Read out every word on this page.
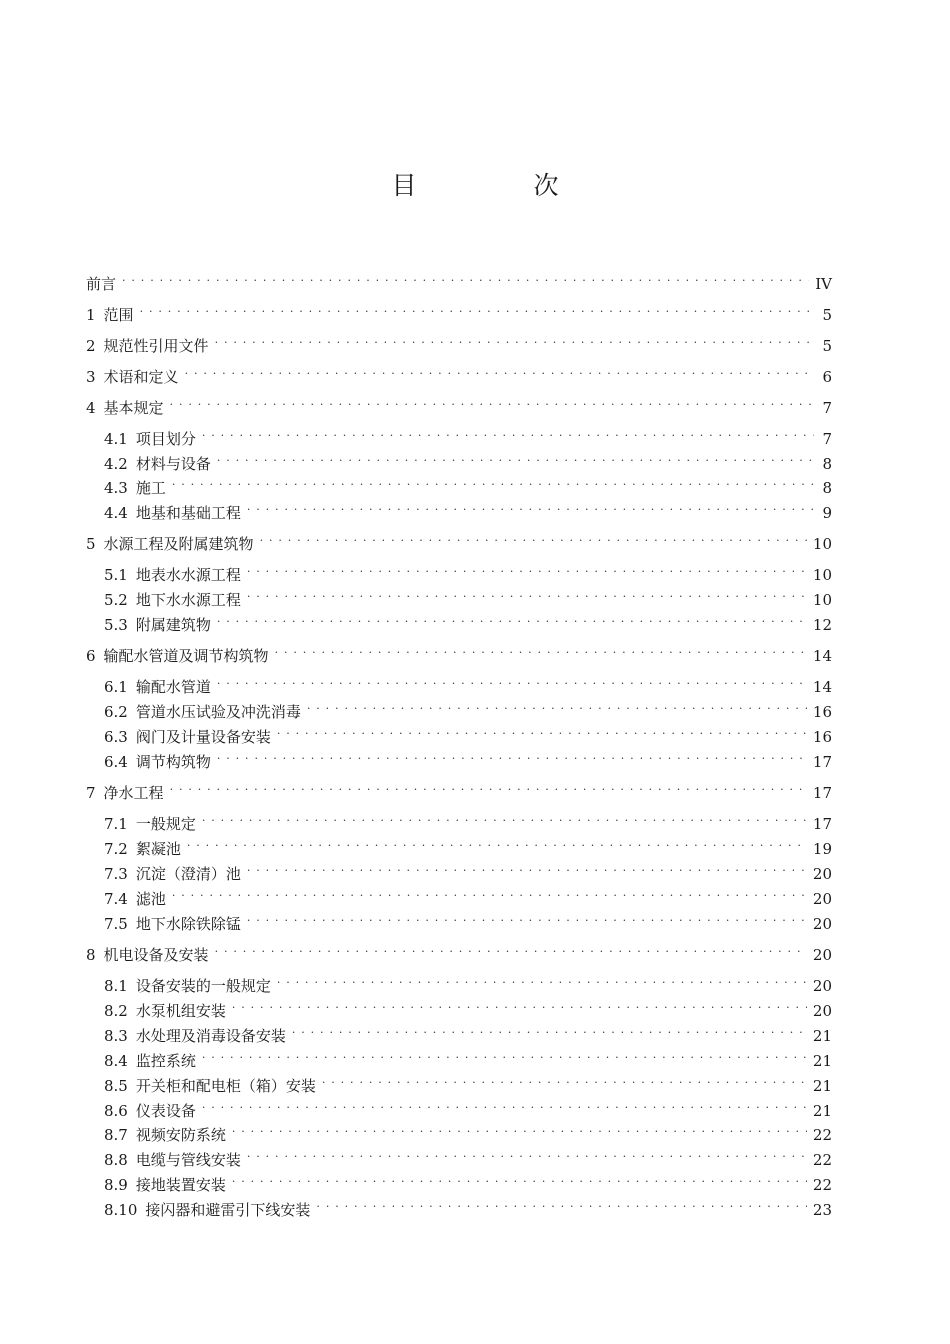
目　次
前言 . . .	IV
1 范围 . . .	5
2 规范性引用文件 . . .	5
3 术语和定义 . . .	6
4 基本规定 . . .	7
4.1 项目划分 . . .	7
4.2 材料与设备 . . .	8
4.3 施工 . . .	8
4.4 地基和基础工程 . . .	9
5 水源工程及附属建筑物 . . .	10
5.1 地表水水源工程 . . .	10
5.2 地下水水源工程 . . .	10
5.3 附属建筑物 . . .	12
6 输配水管道及调节构筑物 . . .	14
6.1 输配水管道 . . .	14
6.2 管道水压试验及冲洗消毒 . . .	16
6.3 阀门及计量设备安装 . . .	16
6.4 调节构筑物 . . .	17
7 净水工程 . . .	17
7.1 一般规定 . . .	17
7.2 絮凝池 . . .	19
7.3 沉淀（澄清）池 . . .	20
7.4 滤池 . . .	20
7.5 地下水除铁除锰 . . .	20
8 机电设备及安装 . . .	20
8.1 设备安装的一般规定 . . .	20
8.2 水泵机组安装 . . .	20
8.3 水处理及消毒设备安装 . . .	21
8.4 监控系统 . . .	21
8.5 开关柜和配电柜（箱）安装 . . .	21
8.6 仪表设备 . . .	21
8.7 视频安防系统 . . .	22
8.8 电缆与管线安装 . . .	22
8.9 接地装置安装 . . .	22
8.10 接闪器和避雷引下线安装 . . .	23
